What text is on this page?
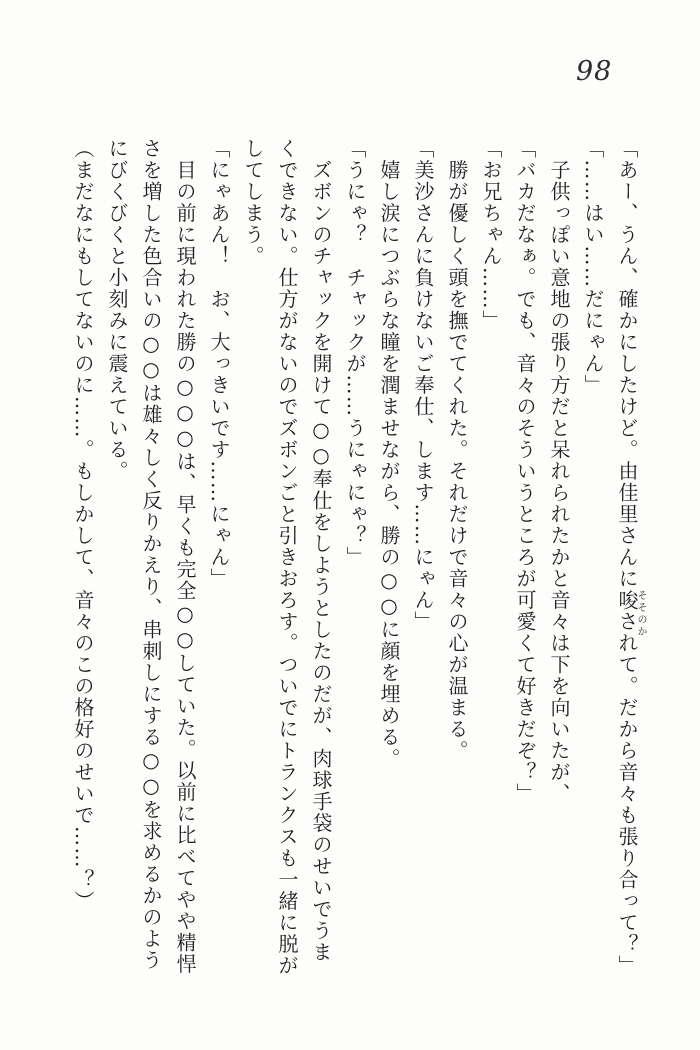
98

「あー、うん、確かにしたけど。由佳里さんに唆
そそのか
されて。だから音々も張り合って？」

「……はい……だにゃん」

　子供っぽい意地の張り方だと呆れられたかと音々は下を向いたが、

「バカだなぁ。でも、音々のそういうところが可愛くて好きだぞ？」

「お兄ちゃん……」

　勝が優しく頭を撫でてくれた。それだけで音々の心が温まる。

「美沙さんに負けないご奉仕、します……にゃん」

　嬉し涙につぶらな瞳を潤ませながら、勝の○○に顔を埋める。

「うにゃ？　チャックが……うにゃにゃ？」

　ズボンのチャックを開けて○○奉仕をしようとしたのだが、肉球手袋のせいでうまくできない。仕方がないのでズボンごと引きおろす。ついでにトランクスも一緒に脱がしてしまう。

「にゃあん！　お、大っきいです……にゃん」

　目の前に現われた勝の○○○は、早くも完全○○していた。以前に比べてやや精悍さを増した色合いの○○は雄々しく反りかえり、串刺しにする○○を求めるかのようにびくびくと小刻みに震えている。

（まだなにもしてないのに……。もしかして、音々のこの格好のせいで……？）
